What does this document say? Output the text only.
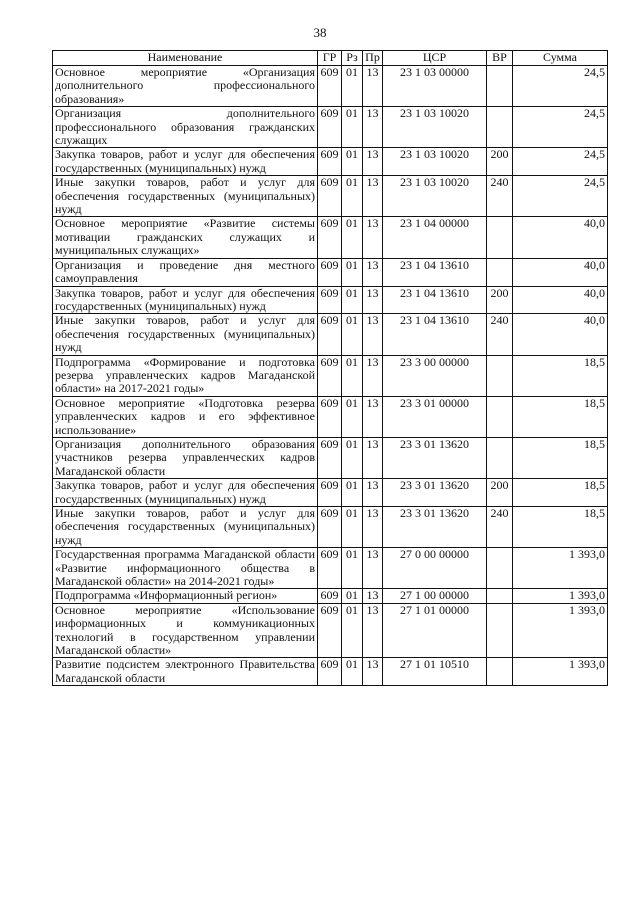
38
Наименование	ГР	Рз	Пр	ЦСР	ВР	Сумма
Основное мероприятие «Организация дополнительного профессионального образования»	609	01	13	23 1 03 00000		24,5
Организация дополнительного профессионального образования гражданских служащих	609	01	13	23 1 03 10020		24,5
Закупка товаров, работ и услуг для обеспечения государственных (муниципальных) нужд	609	01	13	23 1 03 10020	200	24,5
Иные закупки товаров, работ и услуг для обеспечения государственных (муниципальных) нужд	609	01	13	23 1 03 10020	240	24,5
Основное мероприятие «Развитие системы мотивации гражданских служащих и муниципальных служащих»	609	01	13	23 1 04 00000		40,0
Организация и проведение дня местного самоуправления	609	01	13	23 1 04 13610		40,0
Закупка товаров, работ и услуг для обеспечения государственных (муниципальных) нужд	609	01	13	23 1 04 13610	200	40,0
Иные закупки товаров, работ и услуг для обеспечения государственных (муниципальных) нужд	609	01	13	23 1 04 13610	240	40,0
Подпрограмма «Формирование и подготовка резерва управленческих кадров Магаданской области» на 2017-2021 годы»	609	01	13	23 3 00 00000		18,5
Основное мероприятие «Подготовка резерва управленческих кадров и его эффективное использование»	609	01	13	23 3 01 00000		18,5
Организация дополнительного образования участников резерва управленческих кадров Магаданской области	609	01	13	23 3 01 13620		18,5
Закупка товаров, работ и услуг для обеспечения государственных (муниципальных) нужд	609	01	13	23 3 01 13620	200	18,5
Иные закупки товаров, работ и услуг для обеспечения государственных (муниципальных) нужд	609	01	13	23 3 01 13620	240	18,5
Государственная программа Магаданской области «Развитие информационного общества в Магаданской области» на 2014-2021 годы»	609	01	13	27 0 00 00000		1 393,0
Подпрограмма «Информационный регион»	609	01	13	27 1 00 00000		1 393,0
Основное мероприятие «Использование информационных и коммуникационных технологий в государственном управлении Магаданской области»	609	01	13	27 1 01 00000		1 393,0
Развитие подсистем электронного Правительства Магаданской области	609	01	13	27 1 01 10510		1 393,0
